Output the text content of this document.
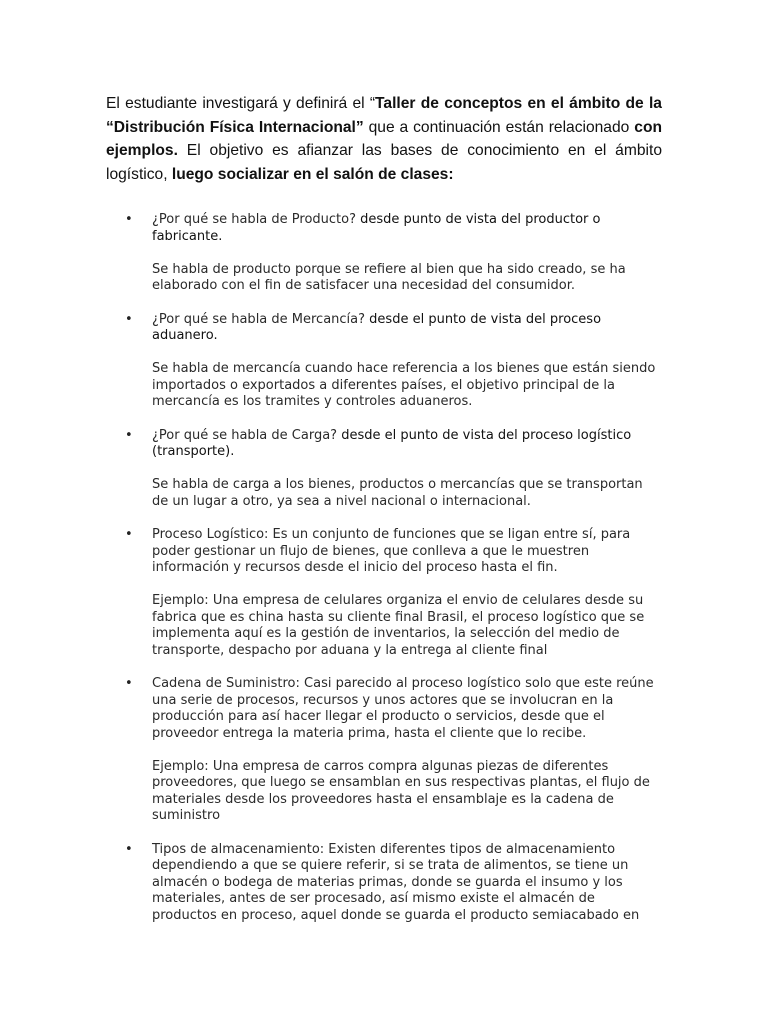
El estudiante investigará y definirá el “Taller de conceptos en el ámbito de la “Distribución Física Internacional” que a continuación están relacionado con ejemplos. El objetivo es afianzar las bases de conocimiento en el ámbito logístico, luego socializar en el salón de clases:
• ¿Por qué se habla de Producto? desde punto de vista del productor o fabricante.

Se habla de producto porque se refiere al bien que ha sido creado, se ha elaborado con el fin de satisfacer una necesidad del consumidor.

• ¿Por qué se habla de Mercancía? desde el punto de vista del proceso aduanero.

Se habla de mercancía cuando hace referencia a los bienes que están siendo importados o exportados a diferentes países, el objetivo principal de la mercancía es los tramites y controles aduaneros.

• ¿Por qué se habla de Carga? desde el punto de vista del proceso logístico (transporte).

Se habla de carga a los bienes, productos o mercancías que se transportan de un lugar a otro, ya sea a nivel nacional o internacional.

• Proceso Logístico: Es un conjunto de funciones que se ligan entre sí, para poder gestionar un flujo de bienes, que conlleva a que le muestren información y recursos desde el inicio del proceso hasta el fin.

Ejemplo: Una empresa de celulares organiza el envio de celulares desde su fabrica que es china hasta su cliente final Brasil, el proceso logístico que se implementa aquí es la gestión de inventarios, la selección del medio de transporte, despacho por aduana y la entrega al cliente final

• Cadena de Suministro: Casi parecido al proceso logístico solo que este reúne una serie de procesos, recursos y unos actores que se involucran en la producción para así hacer llegar el producto o servicios, desde que el proveedor entrega la materia prima, hasta el cliente que lo recibe.

Ejemplo: Una empresa de carros compra algunas piezas de diferentes proveedores, que luego se ensamblan en sus respectivas plantas, el flujo de materiales desde los proveedores hasta el ensamblaje es la cadena de suministro

• Tipos de almacenamiento: Existen diferentes tipos de almacenamiento dependiendo a que se quiere referir, si se trata de alimentos, se tiene un almacén o bodega de materias primas, donde se guarda el insumo y los materiales, antes de ser procesado, así mismo existe el almacén de productos en proceso, aquel donde se guarda el producto semiacabado en
